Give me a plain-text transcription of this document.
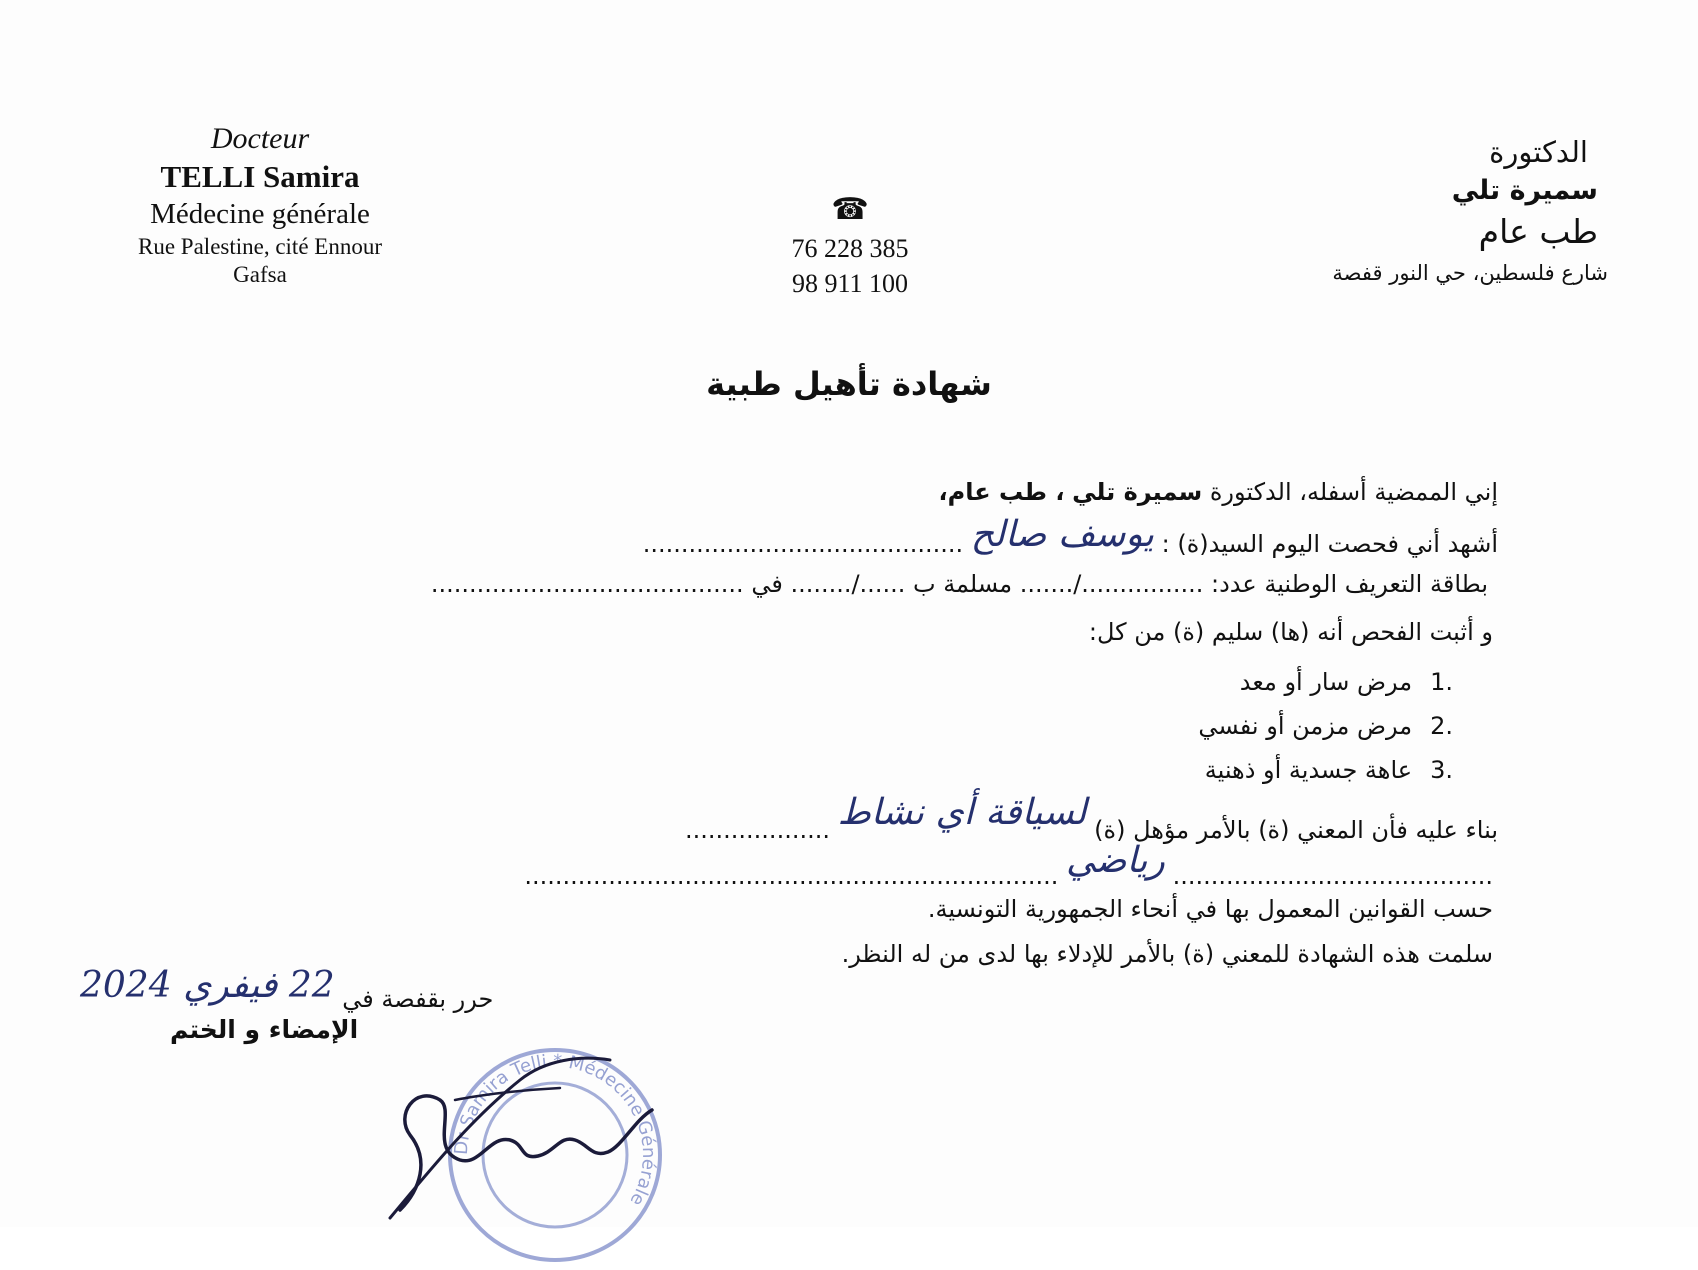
Docteur
TELLI Samira
Médecine générale
Rue Palestine, cité Ennour
Gafsa
☎
76 228 385
98 911 100
الدكتورة
سميرة تلي
طب عام
شارع فلسطين، حي النور قفصة
شهادة تأهيل طبية
إني الممضية أسفله، الدكتورة سميرة تلي ، طب عام،
أشهد أني فحصت اليوم السيد(ة) : يوسف صالح ..........................................
بطاقة التعريف الوطنية عدد: ................/....... مسلمة ب ....../........ في .........................................
و أثبت الفحص أنه (ها) سليم (ة) من كل:
1.مرض سار أو معد
2.مرض مزمن أو نفسي
3.عاهة جسدية أو ذهنية
بناء عليه فأن المعني (ة) بالأمر مؤهل (ة) لسياقة أي نشاط ...................
.......................................... رياضي ......................................................................
حسب القوانين المعمول بها في أنحاء الجمهورية التونسية.
سلمت هذه الشهادة للمعني (ة) بالأمر للإدلاء بها لدى من له النظر.
حرر بقفصة في 22 فيفري 2024
الإمضاء و الختم
Dr Samira Telli * Médecine Générale
